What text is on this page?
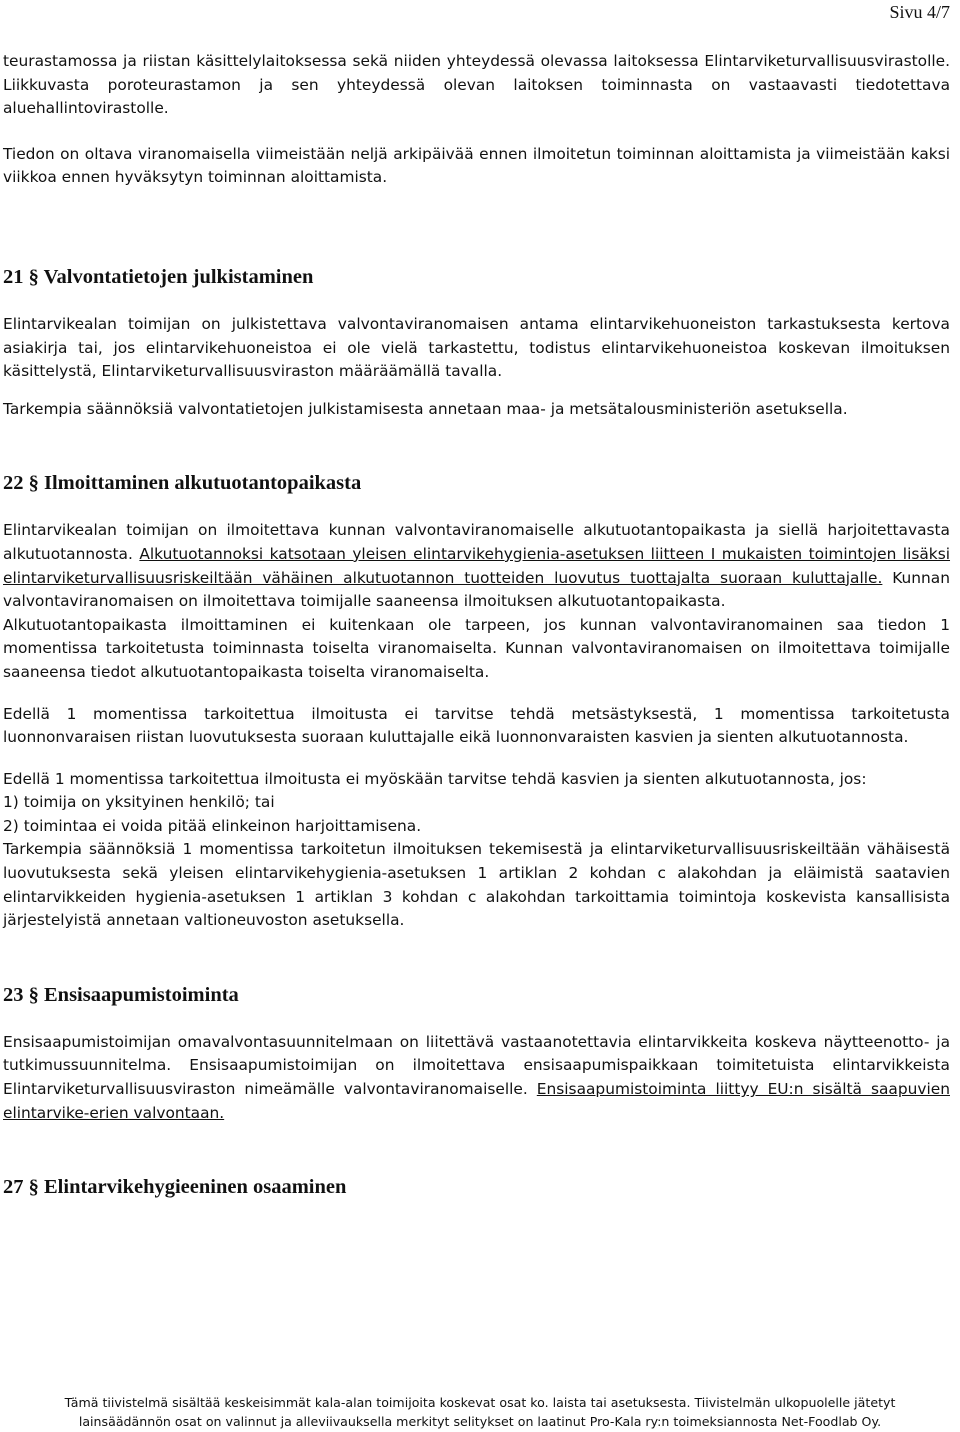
Sivu 4/7

teurastamossa ja riistan käsittelylaitoksessa sekä niiden yhteydessä olevassa laitoksessa Elintarviketurvallisuusvirastolle. Liikkuvasta poroteurastamon ja sen yhteydessä olevan laitoksen toiminnasta on vastaavasti tiedotettava aluehallintovirastolle.

Tiedon on oltava viranomaisella viimeistään neljä arkipäivää ennen ilmoitetun toiminnan aloittamista ja viimeistään kaksi viikkoa ennen hyväksytyn toiminnan aloittamista.

21 § Valvontatietojen julkistaminen

Elintarvikealan toimijan on julkistettava valvontaviranomaisen antama elintarvikehuoneiston tarkastuksesta kertova asiakirja tai, jos elintarvikehuoneistoa ei ole vielä tarkastettu, todistus elintarvikehuoneistoa koskevan ilmoituksen käsittelystä, Elintarviketurvallisuusviraston määräämällä tavalla.

Tarkempia säännöksiä valvontatietojen julkistamisesta annetaan maa- ja metsätalousministeriön asetuksella.

22 § Ilmoittaminen alkutuotantopaikasta

Elintarvikealan toimijan on ilmoitettava kunnan valvontaviranomaiselle alkutuotantopaikasta ja siellä harjoitettavasta alkutuotannosta. Alkutuotannoksi katsotaan yleisen elintarvikehygienia-asetuksen liitteen I mukaisten toimintojen lisäksi elintarviketurvallisuusriskeiltään vähäinen alkutuotannon tuotteiden luovutus tuottajalta suoraan kuluttajalle. Kunnan valvontaviranomaisen on ilmoitettava toimijalle saaneensa ilmoituksen alkutuotantopaikasta.

Alkutuotantopaikasta ilmoittaminen ei kuitenkaan ole tarpeen, jos kunnan valvontaviranomainen saa tiedon 1 momentissa tarkoitetusta toiminnasta toiselta viranomaiselta. Kunnan valvontaviranomaisen on ilmoitettava toimijalle saaneensa tiedot alkutuotantopaikasta toiselta viranomaiselta.

Edellä 1 momentissa tarkoitettua ilmoitusta ei tarvitse tehdä metsästyksestä, 1 momentissa tarkoitetusta luonnonvaraisen riistan luovutuksesta suoraan kuluttajalle eikä luonnonvaraisten kasvien ja sienten alkutuotannosta.

Edellä 1 momentissa tarkoitettua ilmoitusta ei myöskään tarvitse tehdä kasvien ja sienten alkutuotannosta, jos:

1) toimija on yksityinen henkilö; tai

2) toimintaa ei voida pitää elinkeinon harjoittamisena.

Tarkempia säännöksiä 1 momentissa tarkoitetun ilmoituksen tekemisestä ja elintarviketurvallisuusriskeiltään vähäisestä luovutuksesta sekä yleisen elintarvikehygienia-asetuksen 1 artiklan 2 kohdan c alakohdan ja eläimistä saatavien elintarvikkeiden hygienia-asetuksen 1 artiklan 3 kohdan c alakohdan tarkoittamia toimintoja koskevista kansallisista järjestelyistä annetaan valtioneuvoston asetuksella.

23 § Ensisaapumistoiminta

Ensisaapumistoimijan omavalvontasuunnitelmaan on liitettävä vastaanotettavia elintarvikkeita koskeva näytteenotto- ja tutkimussuunnitelma. Ensisaapumistoimijan on ilmoitettava ensisaapumispaikkaan toimitetuista elintarvikkeista Elintarviketurvallisuusviraston nimeämälle valvontaviranomaiselle. Ensisaapumistoiminta liittyy EU:n sisältä saapuvien elintarvike-erien valvontaan.

27 § Elintarvikehygieeninen osaaminen
Tämä tiivistelmä sisältää keskeisimmät kala-alan toimijoita koskevat osat ko. laista tai asetuksesta. Tiivistelmän ulkopuolelle jätetyt
lainsäädännön osat on valinnut ja alleviivauksella merkityt selitykset on laatinut Pro-Kala ry:n toimeksiannosta Net-Foodlab Oy.
